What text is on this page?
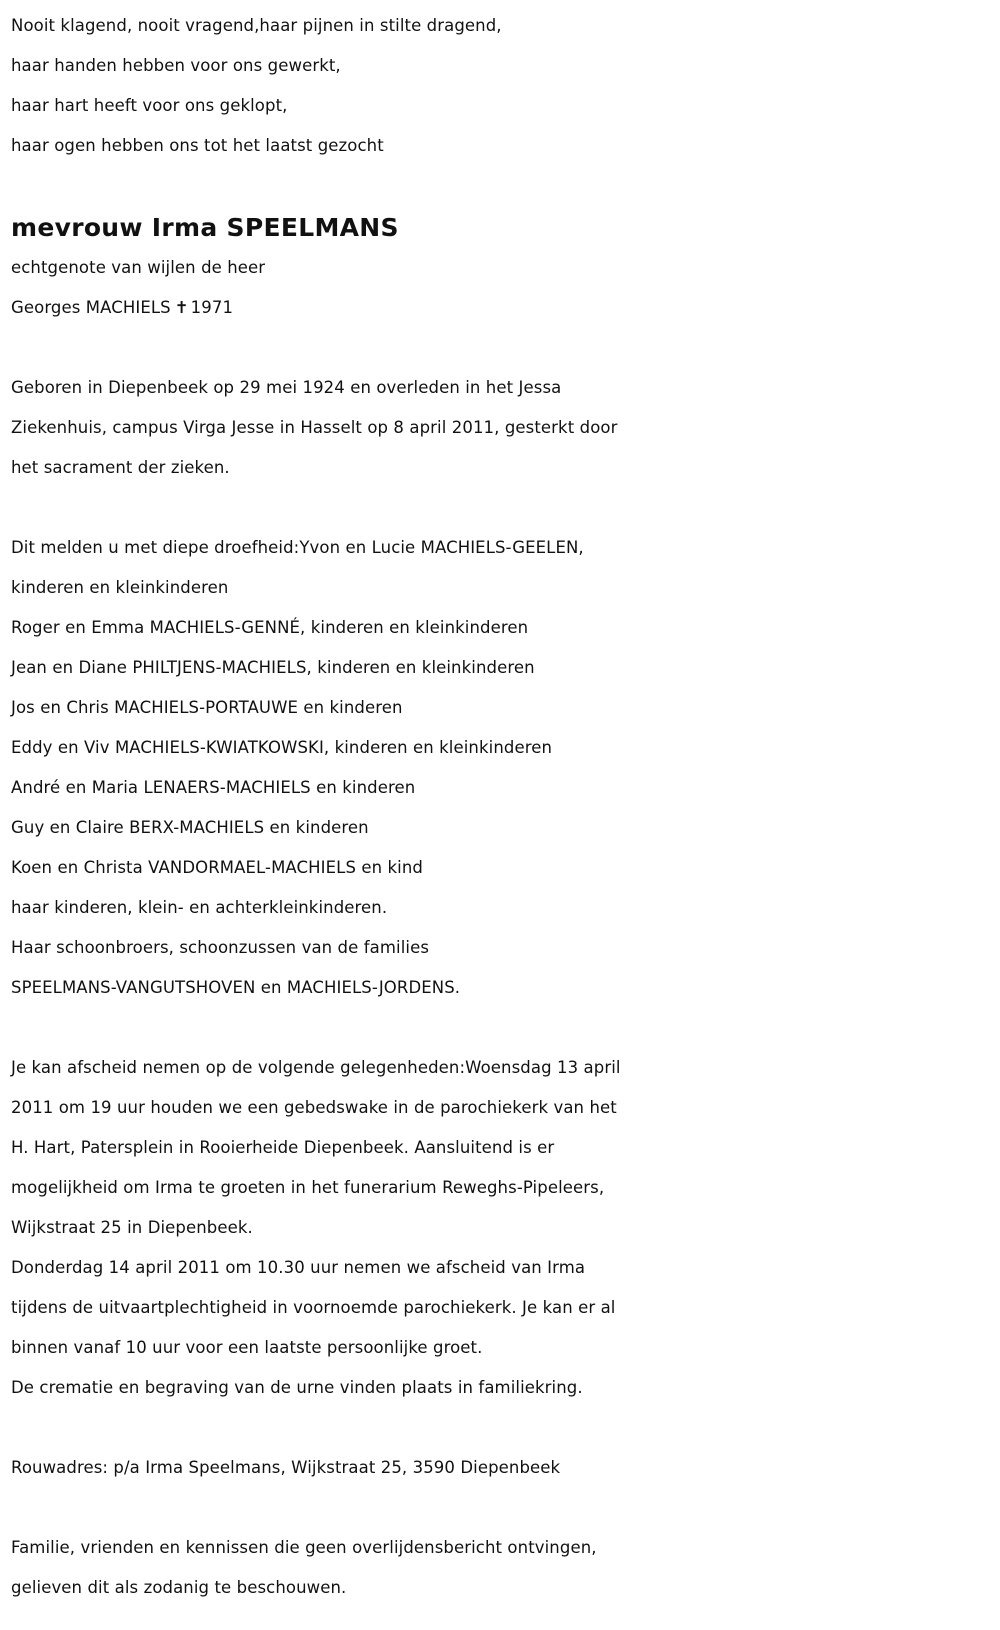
Nooit klagend, nooit vragend,haar pijnen in stilte dragend,
haar handen hebben voor ons gewerkt,
haar hart heeft voor ons geklopt,
haar ogen hebben ons tot het laatst gezocht
mevrouw Irma SPEELMANS
echtgenote van wijlen de heer
Georges MACHIELS ✝ 1971
Geboren in Diepenbeek op 29 mei 1924 en overleden in het Jessa
Ziekenhuis, campus Virga Jesse in Hasselt op 8 april 2011, gesterkt door
het sacrament der zieken.
Dit melden u met diepe droefheid:Yvon en Lucie MACHIELS-GEELEN,
kinderen en kleinkinderen
Roger en Emma MACHIELS-GENNÉ, kinderen en kleinkinderen
Jean en Diane PHILTJENS-MACHIELS, kinderen en kleinkinderen
Jos en Chris MACHIELS-PORTAUWE en kinderen
Eddy en Viv MACHIELS-KWIATKOWSKI, kinderen en kleinkinderen
André en Maria LENAERS-MACHIELS en kinderen
Guy en Claire BERX-MACHIELS en kinderen
Koen en Christa VANDORMAEL-MACHIELS en kind
haar kinderen, klein- en achterkleinkinderen.
Haar schoonbroers, schoonzussen van de families
SPEELMANS-VANGUTSHOVEN en MACHIELS-JORDENS.
Je kan afscheid nemen op de volgende gelegenheden:Woensdag 13 april
2011 om 19 uur houden we een gebedswake in de parochiekerk van het
H. Hart, Patersplein in Rooierheide Diepenbeek. Aansluitend is er
mogelijkheid om Irma te groeten in het funerarium Reweghs-Pipeleers,
Wijkstraat 25 in Diepenbeek.
Donderdag 14 april 2011 om 10.30 uur nemen we afscheid van Irma
tijdens de uitvaartplechtigheid in voornoemde parochiekerk. Je kan er al
binnen vanaf 10 uur voor een laatste persoonlijke groet.
De crematie en begraving van de urne vinden plaats in familiekring.
Rouwadres: p/a Irma Speelmans, Wijkstraat 25, 3590 Diepenbeek
Familie, vrienden en kennissen die geen overlijdensbericht ontvingen,
gelieven dit als zodanig te beschouwen.
